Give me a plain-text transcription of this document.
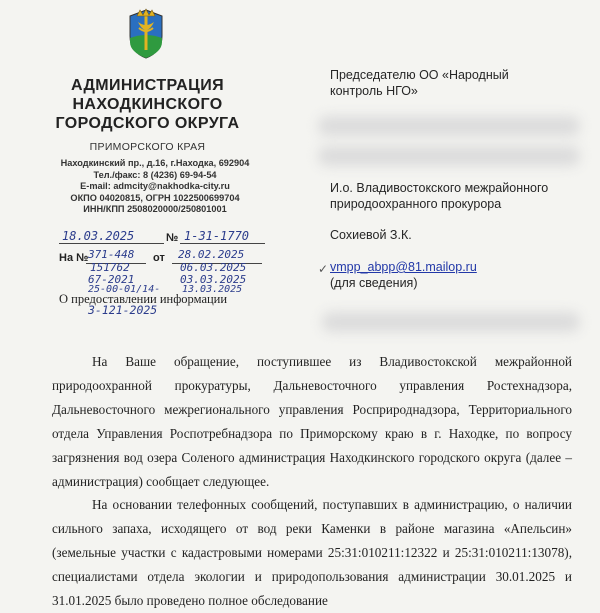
АДМИНИСТРАЦИЯ
НАХОДКИНСКОГО
ГОРОДСКОГО ОКРУГА
ПРИМОРСКОГО КРАЯ
Находкинский пр., д.16, г.Находка, 692904
Тел./факс: 8 (4236) 69-94-54
E-mail: admcity@nakhodka-city.ru
ОКПО 04020815, ОГРН 1022500699704
ИНН/КПП 2508020000/250801001
18.03.2025	№ 1-31-1770
На № 371-448
151762
67-2021
25-00-01/14-
от 28.02.2025
06.03.2025
03.03.2025
13.03.2025
О предоставлении информации
3-121-2025
Председателю ОО «Народный
контроль НГО»
И.о. Владивостокского межрайонного
природоохранного прокурора
Сохиевой З.К.
✓ vmpp_abpp@81.mailop.ru
(для сведения)

На Ваше обращение, поступившее из Владивостокской межрайонной природоохранной прокуратуры, Дальневосточного управления Ростехнадзора, Дальневосточного межрегионального управления Росприроднадзора, Территориального отдела Управления Роспотребнадзора по Приморскому краю в г. Находке, по вопросу загрязнения вод озера Соленого администрация Находкинского городского округа (далее – администрация) сообщает следующее.

На основании телефонных сообщений, поступавших в администрацию, о наличии сильного запаха, исходящего от вод реки Каменки в районе магазина «Апельсин» (земельные участки с кадастровыми номерами 25:31:010211:12322 и 25:31:010211:13078), специалистами отдела экологии и природопользования администрации 30.01.2025 и 31.01.2025 было проведено полное обследование
